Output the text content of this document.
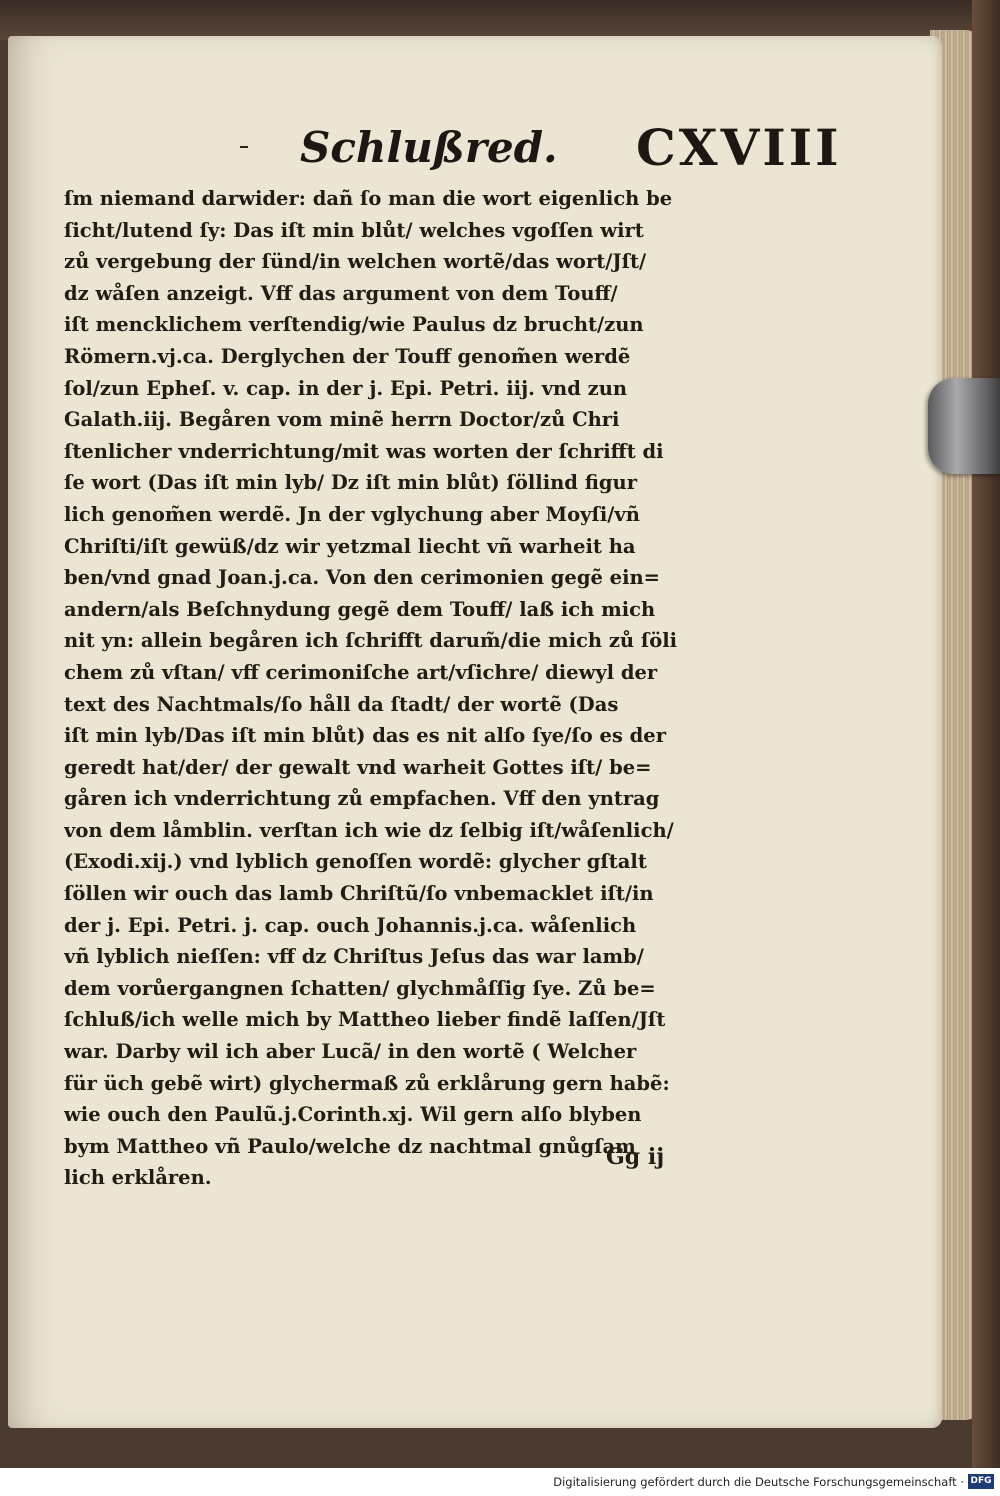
Schlußred. CXVIII
ſm niemand darwider: dañ ſo man die wort eigenlich be
ſicht/lutend ſy: Das iſt min blůt/ welches vgoſſen wirt
zů vergebung der ſünd/in welchen wortẽ/das wort/Jſt/
dz wåſen anzeigt. Vff das argument von dem Touff/
iſt mencklichem verſtendig/wie Paulus dz brucht/zun
Römern.vj.ca. Derglychen der Touff genom̃en werdẽ
ſol/zun Epheſ. v. cap. in der j. Epi. Petri. iij. vnd zun
Galath.iij. Begåren vom minẽ herrn Doctor/zů Chri
ſtenlicher vnderrichtung/mit was worten der ſchrifft di
ſe wort (Das iſt min lyb/ Dz iſt min blůt) ſöllind figur
lich genom̃en werdẽ. Jn der vglychung aber Moyſi/vñ
Chriſti/iſt gewüß/dz wir yetzmal liecht vñ warheit ha
ben/vnd gnad Joan.j.ca. Von den cerimonien gegẽ ein=
andern/als Beſchnydung gegẽ dem Touff/ laß ich mich
nit yn: allein begåren ich ſchrifft darum̃/die mich zů ſöli
chem zů vſtan/ vff cerimoniſche art/vſichre/ diewyl der
text des Nachtmals/ſo håll da ſtadt/ der wortẽ (Das
iſt min lyb/Das iſt min blůt) das es nit alſo ſye/ſo es der
geredt hat/der/ der gewalt vnd warheit Gottes iſt/ be=
gåren ich vnderrichtung zů empfachen. Vff den yntrag
von dem låmblin. verſtan ich wie dz ſelbig iſt/wåſenlich/
(Exodi.xij.) vnd lyblich genoſſen wordẽ: glycher gſtalt
ſöllen wir ouch das lamb Chriſtũ/ſo vnbemacklet iſt/in
der j. Epi. Petri. j. cap. ouch Johannis.j.ca. wåſenlich
vñ lyblich nieſſen: vff dz Chriſtus Jeſus das war lamb/
dem vorůergangnen ſchatten/ glychmåſſig ſye. Zů be=
ſchluß/ich welle mich by Mattheo lieber findẽ laſſen/Jſt
war. Darby wil ich aber Lucã/ in den wortẽ ( Welcher
für üch gebẽ wirt) glychermaß zů erklårung gern habẽ:
wie ouch den Paulũ.j.Corinth.xj. Wil gern alſo blyben
bym Mattheo vñ Paulo/welche dz nachtmal gnůgſam
lich erklåren.
Gg ij
Digitalisierung gefördert durch die Deutsche Forschungsgemeinschaft · DFG
